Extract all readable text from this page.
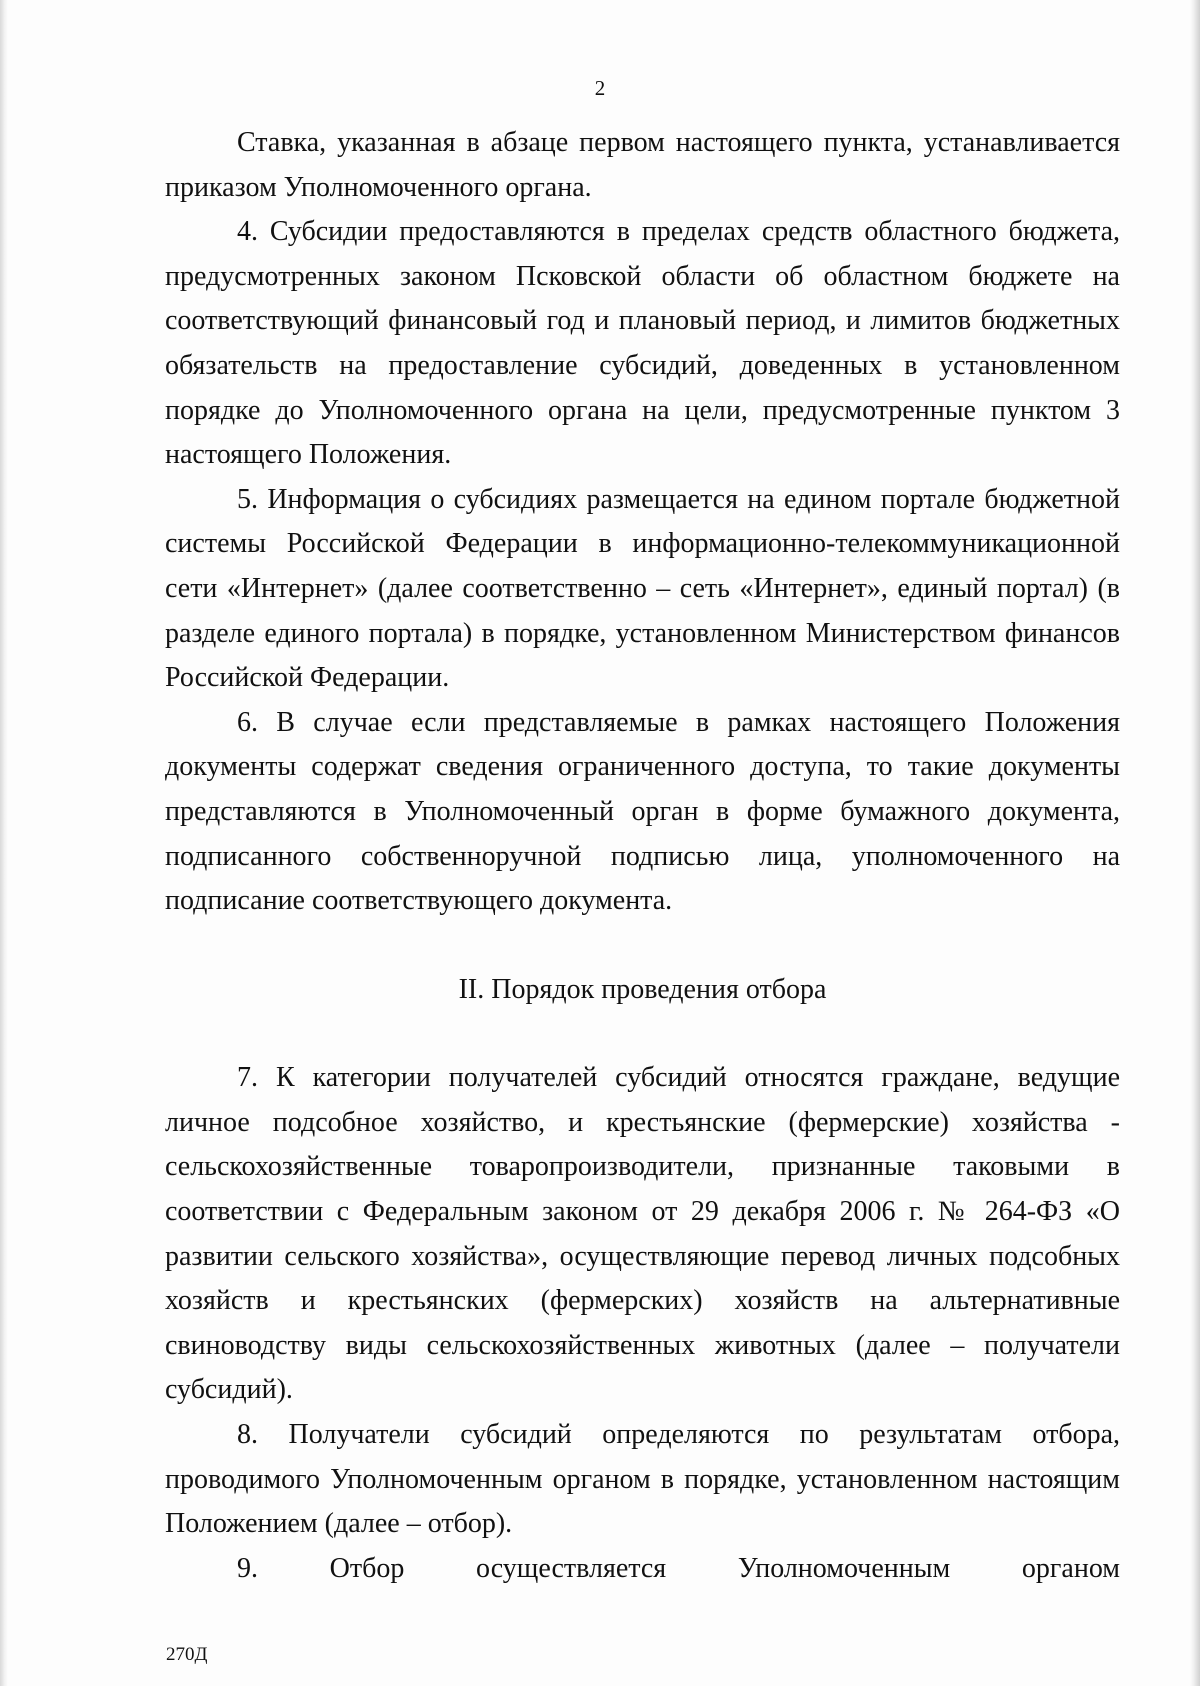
2

Ставка, указанная в абзаце первом настоящего пункта, устанавливается приказом Уполномоченного органа.

4. Субсидии предоставляются в пределах средств областного бюджета, предусмотренных законом Псковской области об областном бюджете на соответствующий финансовый год и плановый период, и лимитов бюджетных обязательств на предоставление субсидий, доведенных в установленном порядке до Уполномоченного органа на цели, предусмотренные пунктом 3 настоящего Положения.

5. Информация о субсидиях размещается на едином портале бюджетной системы Российской Федерации в информационно-телекоммуникационной сети «Интернет» (далее соответственно – сеть «Интернет», единый портал) (в разделе единого портала) в порядке, установленном Министерством финансов Российской Федерации.

6. В случае если представляемые в рамках настоящего Положения документы содержат сведения ограниченного доступа, то такие документы представляются в Уполномоченный орган в форме бумажного документа, подписанного собственноручной подписью лица, уполномоченного на подписание соответствующего документа.

II. Порядок проведения отбора

7. К категории получателей субсидий относятся граждане, ведущие личное подсобное хозяйство, и крестьянские (фермерские) хозяйства - сельскохозяйственные товаропроизводители, признанные таковыми в соответствии с Федеральным законом от 29 декабря 2006 г. № 264-ФЗ «О развитии сельского хозяйства», осуществляющие перевод личных подсобных хозяйств и крестьянских (фермерских) хозяйств на альтернативные свиноводству виды сельскохозяйственных животных (далее – получатели субсидий).

8. Получатели субсидий определяются по результатам отбора, проводимого Уполномоченным органом в порядке, установленном настоящим Положением (далее – отбор).

9. Отбор осуществляется Уполномоченным органом

270Д
